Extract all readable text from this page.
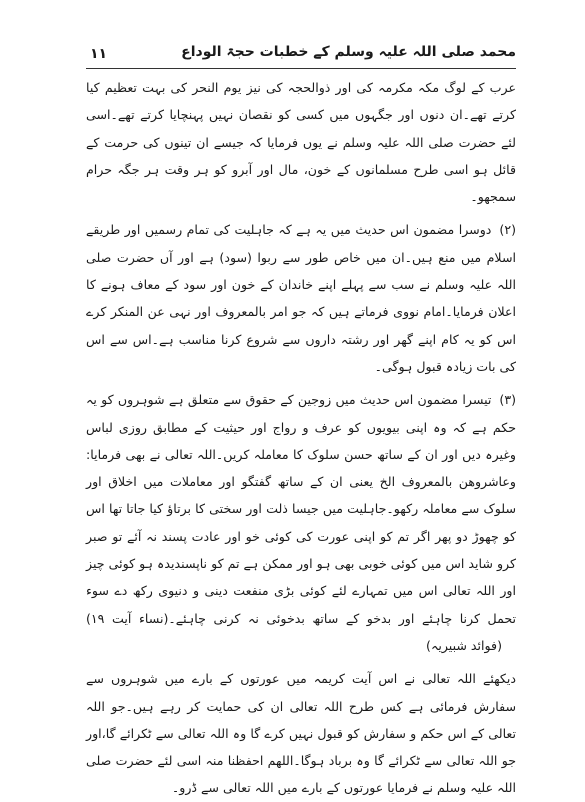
محمد صلی اللہ علیہ وسلم کے خطبات حجۃ الوداع
۱۱

عرب کے لوگ مکہ مکرمہ کی اور ذوالحجہ کی نیز یوم النحر کی بہت تعظیم کیا کرتے تھے۔ان دنوں اور جگہوں میں کسی کو نقصان نہیں پہنچایا کرتے تھے۔اسی لئے حضرت صلی اللہ علیہ وسلم نے یوں فرمایا کہ جیسے ان تینوں کی حرمت کے قائل ہو اسی طرح مسلمانوں کے خون، مال اور آبرو کو ہر وقت ہر جگہ حرام سمجھو۔

(۲)دوسرا مضمون اس حدیث میں یہ ہے کہ جاہلیت کی تمام رسمیں اور طریقے اسلام میں منع ہیں۔ان میں خاص طور سے ربوا (سود) ہے اور آں حضرت صلی اللہ علیہ وسلم نے سب سے پہلے اپنے خاندان کے خون اور سود کے معاف ہونے کا اعلان فرمایا۔امام نووی فرماتے ہیں کہ جو امر بالمعروف اور نہی عن المنکر کرے اس کو یہ کام اپنے گھر اور رشتہ داروں سے شروع کرنا مناسب ہے۔اس سے اس کی بات زیادہ قبول ہوگی۔

(۳)تیسرا مضمون اس حدیث میں زوجین کے حقوق سے متعلق ہے شوہروں کو یہ حکم ہے کہ وہ اپنی بیویوں کو عرف و رواج اور حیثیت کے مطابق روزی لباس وغیرہ دیں اور ان کے ساتھ حسن سلوک کا معاملہ کریں۔اللہ تعالی نے بھی فرمایا: وعاشروھن بالمعروف الخ یعنی ان کے ساتھ گفتگو اور معاملات میں اخلاق اور سلوک سے معاملہ رکھو۔جاہلیت میں جیسا ذلت اور سختی کا برتاؤ کیا جاتا تھا اس کو چھوڑ دو پھر اگر تم کو اپنی عورت کی کوئی خو اور عادت پسند نہ آئے تو صبر کرو شاید اس میں کوئی خوبی بھی ہو اور ممکن ہے تم کو ناپسندیدہ ہو کوئی چیز اور اللہ تعالی اس میں تمہارے لئے کوئی بڑی منفعت دینی و دنیوی رکھ دے سوء تحمل کرنا چاہئے اور بدخو کے ساتھ بدخوئی نہ کرنی چاہئے۔(نساء آیت ۱۹)(فوائد شبیریہ)

دیکھئے اللہ تعالی نے اس آیت کریمہ میں عورتوں کے بارے میں شوہروں سے سفارش فرمائی ہے کس طرح اللہ تعالی ان کی حمایت کر رہے ہیں۔جو اللہ تعالی کے اس حکم و سفارش کو قبول نہیں کرے گا وہ اللہ تعالی سے ٹکرائے گا،اور جو اللہ تعالی سے ٹکرائے گا وہ برباد ہوگا۔اللھم احفظنا منہ اسی لئے حضرت صلی اللہ علیہ وسلم نے فرمایا عورتوں کے بارے میں اللہ تعالی سے ڈرو۔
